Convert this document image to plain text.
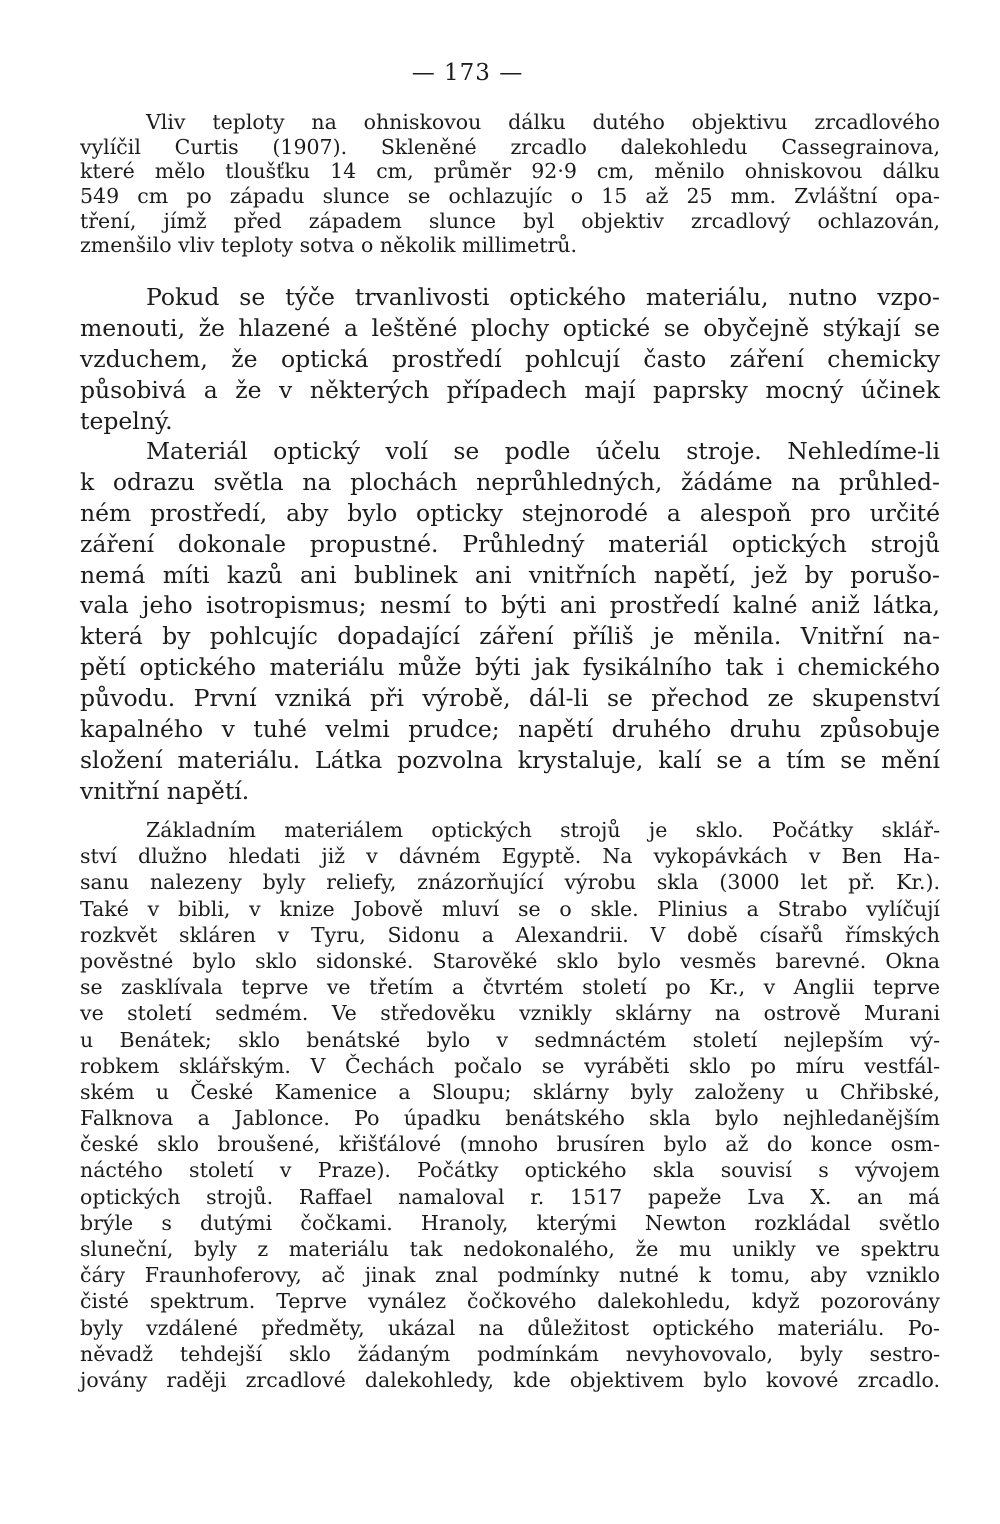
— 173 —
Vliv teploty na ohniskovou dálku dutého objektivu zrcadlového
vylíčil Curtis (1907). Skleněné zrcadlo dalekohledu Cassegrainova,
které mělo tloušťku 14 cm, průměr 92·9 cm, měnilo ohniskovou dálku
549 cm po západu slunce se ochlazujíc o 15 až 25 mm. Zvláštní opa-
tření, jímž před západem slunce byl objektiv zrcadlový ochlazován,
zmenšilo vliv teploty sotva o několik millimetrů.
Pokud se týče trvanlivosti optického materiálu, nutno vzpo-
menouti, že hlazené a leštěné plochy optické se obyčejně stýkají se
vzduchem, že optická prostředí pohlcují často záření chemicky
působivá a že v některých případech mají paprsky mocný účinek
tepelný.
Materiál optický volí se podle účelu stroje. Nehledíme-li
k odrazu světla na plochách neprůhledných, žádáme na průhled-
ném prostředí, aby bylo opticky stejnorodé a alespoň pro určité
záření dokonale propustné. Průhledný materiál optických strojů
nemá míti kazů ani bublinek ani vnitřních napětí, jež by porušo-
vala jeho isotropismus; nesmí to býti ani prostředí kalné aniž látka,
která by pohlcujíc dopadající záření příliš je měnila. Vnitřní na-
pětí optického materiálu může býti jak fysikálního tak i chemického
původu. První vzniká při výrobě, dál-li se přechod ze skupenství
kapalného v tuhé velmi prudce; napětí druhého druhu způsobuje
složení materiálu. Látka pozvolna krystaluje, kalí se a tím se mění
vnitřní napětí.
Základním materiálem optických strojů je sklo. Počátky sklář-
ství dlužno hledati již v dávném Egyptě. Na vykopávkách v Ben Ha-
sanu nalezeny byly reliefy, znázorňující výrobu skla (3000 let př. Kr.).
Také v bibli, v knize Jobově mluví se o skle. Plinius a Strabo vylíčují
rozkvět skláren v Tyru, Sidonu a Alexandrii. V době císařů římských
pověstné bylo sklo sidonské. Starověké sklo bylo vesměs barevné. Okna
se zasklívala teprve ve třetím a čtvrtém století po Kr., v Anglii teprve
ve století sedmém. Ve středověku vznikly sklárny na ostrově Murani
u Benátek; sklo benátské bylo v sedmnáctém století nejlepším vý-
robkem sklářským. V Čechách počalo se vyráběti sklo po míru vestfál-
ském u České Kamenice a Sloupu; sklárny byly založeny u Chřibské,
Falknova a Jablonce. Po úpadku benátského skla bylo nejhledanějším
české sklo broušené, křišťálové (mnoho brusíren bylo až do konce osm-
náctého století v Praze). Počátky optického skla souvisí s vývojem
optických strojů. Raffael namaloval r. 1517 papeže Lva X. an má
brýle s dutými čočkami. Hranoly, kterými Newton rozkládal světlo
sluneční, byly z materiálu tak nedokonalého, že mu unikly ve spektru
čáry Fraunhoferovy, ač jinak znal podmínky nutné k tomu, aby vzniklo
čisté spektrum. Teprve vynález čočkového dalekohledu, když pozorovány
byly vzdálené předměty, ukázal na důležitost optického materiálu. Po-
něvadž tehdejší sklo žádaným podmínkám nevyhovovalo, byly sestro-
jovány raději zrcadlové dalekohledy, kde objektivem bylo kovové zrcadlo.
